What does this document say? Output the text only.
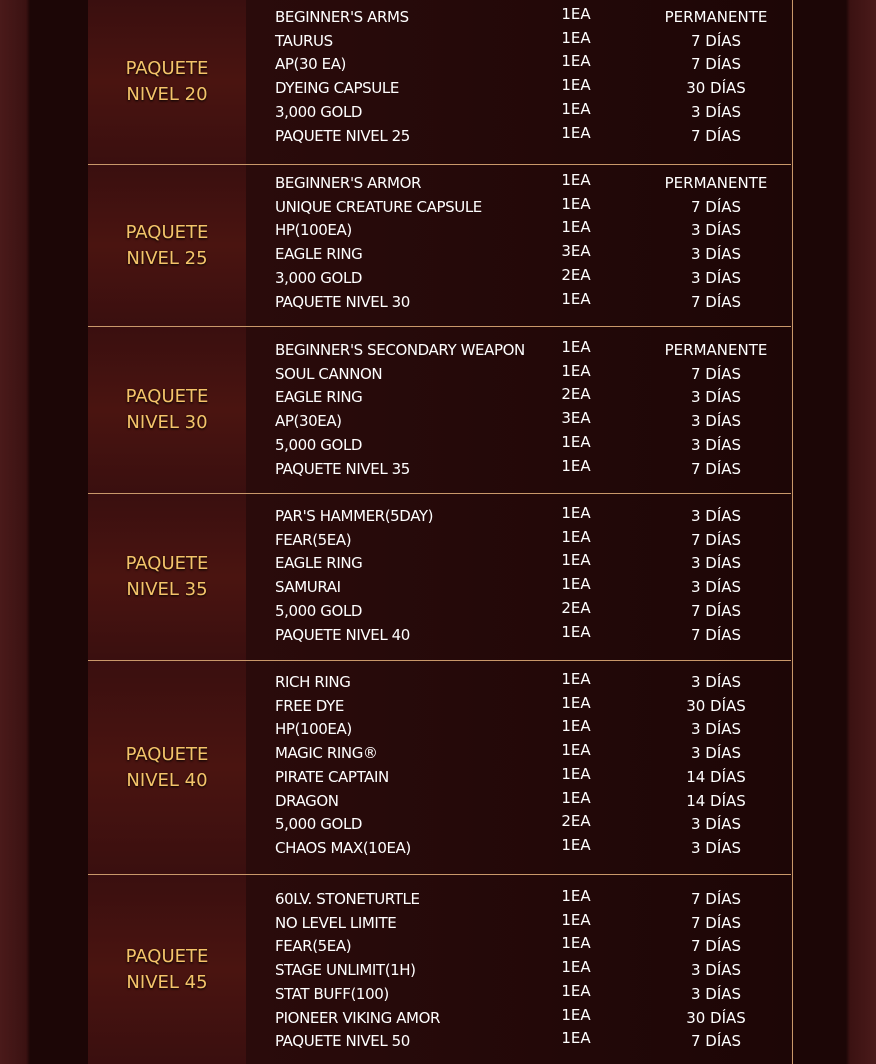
PAQUETE
NIVEL 20
BEGINNER'S ARMS	1EA	PERMANENTE
TAURUS	1EA	7 DÍAS
AP(30 EA)	1EA	7 DÍAS
DYEING CAPSULE	1EA	30 DÍAS
3,000 GOLD	1EA	3 DÍAS
PAQUETE NIVEL 25	1EA	7 DÍAS
PAQUETE
NIVEL 25
BEGINNER'S ARMOR	1EA	PERMANENTE
UNIQUE CREATURE CAPSULE	1EA	7 DÍAS
HP(100EA)	1EA	3 DÍAS
EAGLE RING	3EA	3 DÍAS
3,000 GOLD	2EA	3 DÍAS
PAQUETE NIVEL 30	1EA	7 DÍAS
PAQUETE
NIVEL 30
BEGINNER'S SECONDARY WEAPON	1EA	PERMANENTE
SOUL CANNON	1EA	7 DÍAS
EAGLE RING	2EA	3 DÍAS
AP(30EA)	3EA	3 DÍAS
5,000 GOLD	1EA	3 DÍAS
PAQUETE NIVEL 35	1EA	7 DÍAS
PAQUETE
NIVEL 35
PAR'S HAMMER(5DAY)	1EA	3 DÍAS
FEAR(5EA)	1EA	7 DÍAS
EAGLE RING	1EA	3 DÍAS
SAMURAI	1EA	3 DÍAS
5,000 GOLD	2EA	7 DÍAS
PAQUETE NIVEL 40	1EA	7 DÍAS
PAQUETE
NIVEL 40
RICH RING	1EA	3 DÍAS
FREE DYE	1EA	30 DÍAS
HP(100EA)	1EA	3 DÍAS
MAGIC RING®	1EA	3 DÍAS
PIRATE CAPTAIN	1EA	14 DÍAS
DRAGON	1EA	14 DÍAS
5,000 GOLD	2EA	3 DÍAS
CHAOS MAX(10EA)	1EA	3 DÍAS
PAQUETE
NIVEL 45
60LV. STONETURTLE	1EA	7 DÍAS
NO LEVEL LIMITE	1EA	7 DÍAS
FEAR(5EA)	1EA	7 DÍAS
STAGE UNLIMIT(1H)	1EA	3 DÍAS
STAT BUFF(100)	1EA	3 DÍAS
PIONEER VIKING AMOR	1EA	30 DÍAS
PAQUETE NIVEL 50	1EA	7 DÍAS
